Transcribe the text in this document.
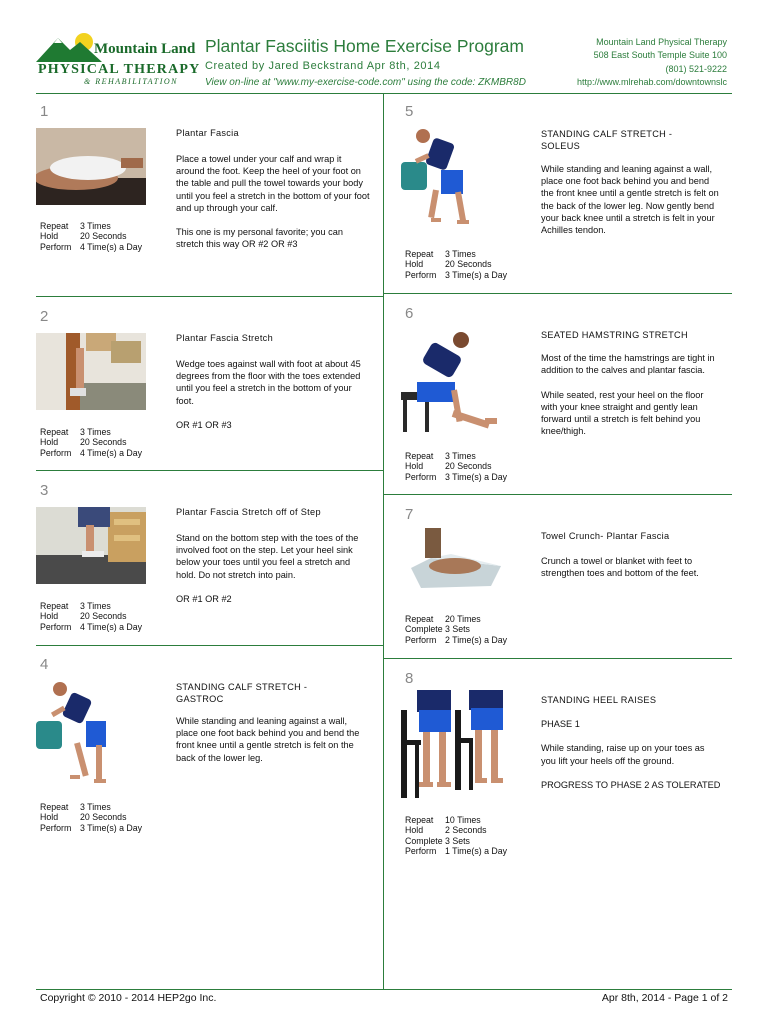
Mountain Land
PHYSICAL THERAPY
& REHABILITATION
Plantar Fasciitis Home Exercise Program
Created by Jared Beckstrand Apr 8th, 2014
View on-line at "www.my-exercise-code.com" using the code: ZKMBR8D
Mountain Land Physical Therapy
508 East South Temple Suite 100
(801) 521-9222
http://www.mlrehab.com/downtownslc
1
Plantar Fascia

Place a towel under your calf and wrap it around the foot. Keep the heel of your foot on the table and pull the towel towards your body until you feel a stretch in the bottom of your foot and up through your calf.

This one is my personal favorite; you can stretch this way OR #2 OR #3

Repeat	3 Times
Hold	20 Seconds
Perform 4 Time(s) a Day
2
Plantar Fascia Stretch

Wedge toes against wall with foot at about 45 degrees from the floor with the toes extended until you feel a stretch in the bottom of your foot.

OR #1 OR #3

Repeat	3 Times
Hold	20 Seconds
Perform 4 Time(s) a Day
3
Plantar Fascia Stretch off of Step

Stand on the bottom step with the toes of the involved foot on the step. Let your heel sink below your toes until you feel a stretch and hold. Do not stretch into pain.

OR #1 OR #2

Repeat	3 Times
Hold	20 Seconds
Perform 4 Time(s) a Day
4
STANDING CALF STRETCH - GASTROC

While standing and leaning against a wall, place one foot back behind you and bend the front knee until a gentle stretch is felt on the back of the lower leg.

Repeat	3 Times
Hold	20 Seconds
Perform 3 Time(s) a Day
5
STANDING CALF STRETCH - SOLEUS

While standing and leaning against a wall, place one foot back behind you and bend the front knee until a gentle stretch is felt on the back of the lower leg. Now gently bend your back knee until a stretch is felt in your Achilles tendon.

Repeat	3 Times
Hold	20 Seconds
Perform 3 Time(s) a Day
6
SEATED HAMSTRING STRETCH

Most of the time the hamstrings are tight in addition to the calves and plantar fascia.

While seated, rest your heel on the floor with your knee straight and gently lean forward until a stretch is felt behind you knee/thigh.

Repeat	3 Times
Hold	20 Seconds
Perform 3 Time(s) a Day
7
Towel Crunch- Plantar Fascia

Crunch a towel or blanket with feet to strengthen toes and bottom of the feet.

Repeat	20 Times
Complete 3 Sets
Perform 2 Time(s) a Day
8
STANDING HEEL RAISES

PHASE 1

While standing, raise up on your toes as you lift your heels off the ground.

PROGRESS TO PHASE 2 AS TOLERATED

Repeat	10 Times
Hold	2 Seconds
Complete 3 Sets
Perform 1 Time(s) a Day
Copyright © 2010 - 2014 HEP2go Inc.	Apr 8th, 2014 - Page 1 of 2
